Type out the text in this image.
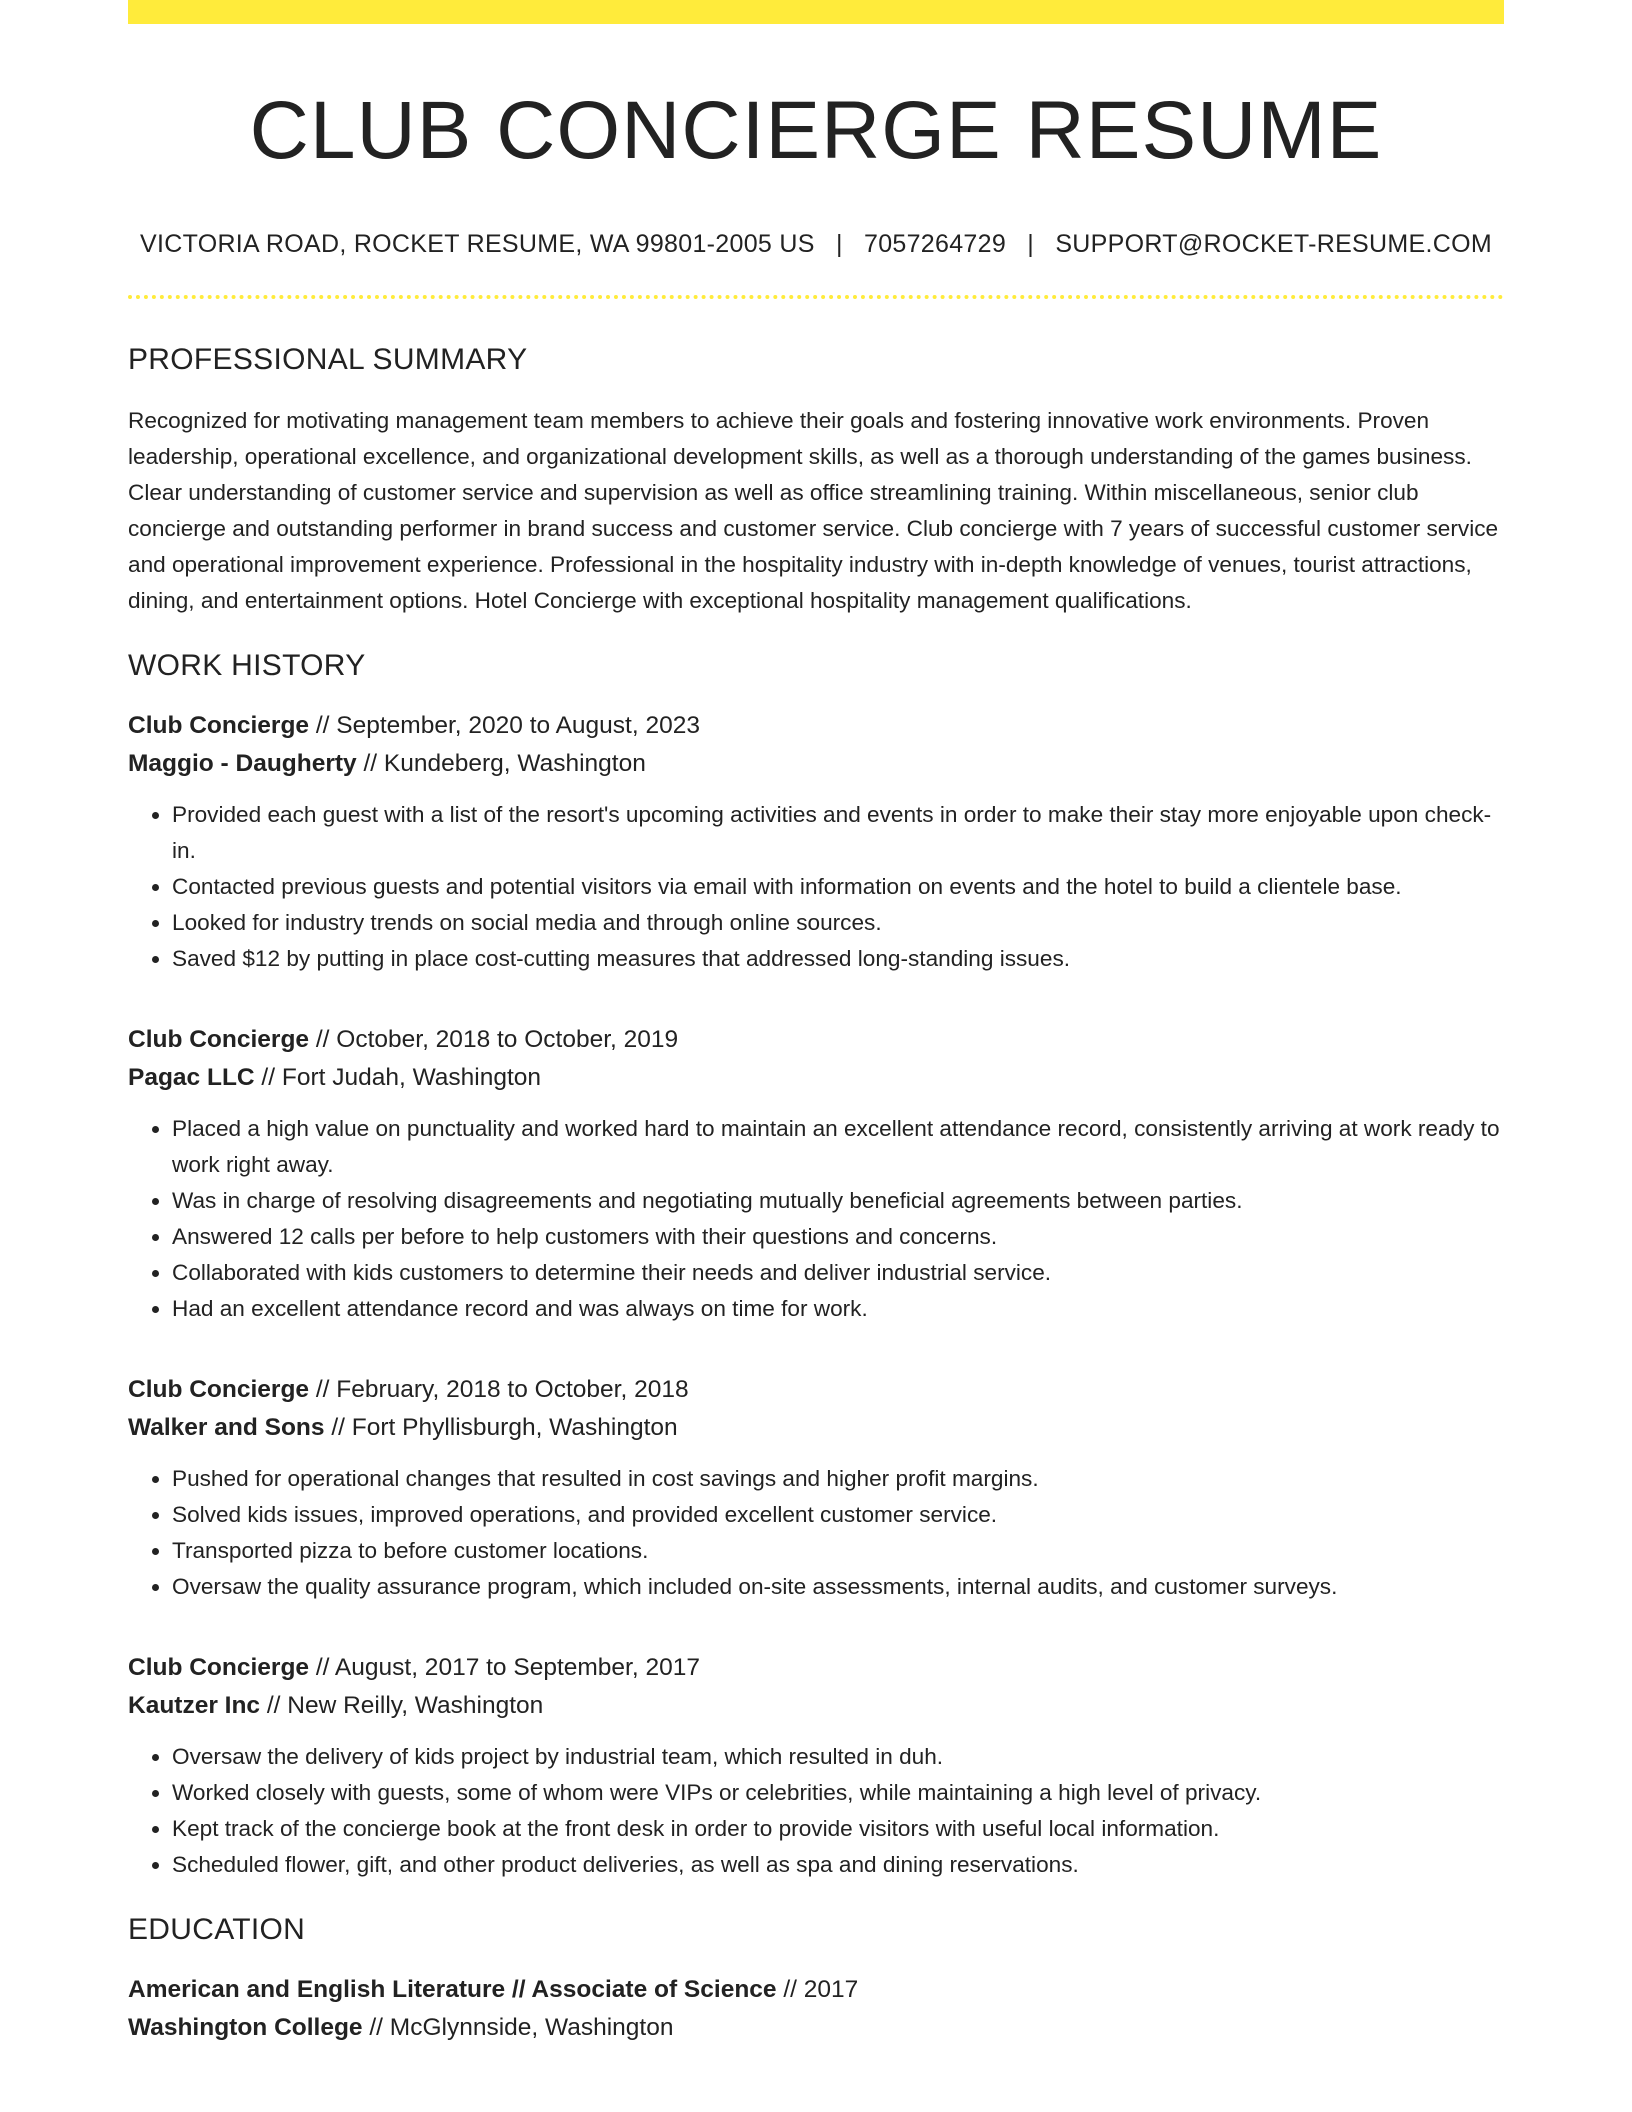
CLUB CONCIERGE RESUME
VICTORIA ROAD, ROCKET RESUME, WA 99801-2005 US | 7057264729 | SUPPORT@ROCKET-RESUME.COM
PROFESSIONAL SUMMARY

Recognized for motivating management team members to achieve their goals and fostering innovative work environments. Proven leadership, operational excellence, and organizational development skills, as well as a thorough understanding of the games business. Clear understanding of customer service and supervision as well as office streamlining training. Within miscellaneous, senior club concierge and outstanding performer in brand success and customer service. Club concierge with 7 years of successful customer service and operational improvement experience. Professional in the hospitality industry with in-depth knowledge of venues, tourist attractions, dining, and entertainment options. Hotel Concierge with exceptional hospitality management qualifications.

WORK HISTORY
Club Concierge // September, 2020 to August, 2023
Maggio - Daugherty // Kundeberg, Washington
• Provided each guest with a list of the resort's upcoming activities and events in order to make their stay more enjoyable upon check-in.
• Contacted previous guests and potential visitors via email with information on events and the hotel to build a clientele base.
• Looked for industry trends on social media and through online sources.
• Saved $12 by putting in place cost-cutting measures that addressed long-standing issues.
Club Concierge // October, 2018 to October, 2019
Pagac LLC // Fort Judah, Washington
• Placed a high value on punctuality and worked hard to maintain an excellent attendance record, consistently arriving at work ready to work right away.
• Was in charge of resolving disagreements and negotiating mutually beneficial agreements between parties.
• Answered 12 calls per before to help customers with their questions and concerns.
• Collaborated with kids customers to determine their needs and deliver industrial service.
• Had an excellent attendance record and was always on time for work.
Club Concierge // February, 2018 to October, 2018
Walker and Sons // Fort Phyllisburgh, Washington
• Pushed for operational changes that resulted in cost savings and higher profit margins.
• Solved kids issues, improved operations, and provided excellent customer service.
• Transported pizza to before customer locations.
• Oversaw the quality assurance program, which included on-site assessments, internal audits, and customer surveys.
Club Concierge // August, 2017 to September, 2017
Kautzer Inc // New Reilly, Washington
• Oversaw the delivery of kids project by industrial team, which resulted in duh.
• Worked closely with guests, some of whom were VIPs or celebrities, while maintaining a high level of privacy.
• Kept track of the concierge book at the front desk in order to provide visitors with useful local information.
• Scheduled flower, gift, and other product deliveries, as well as spa and dining reservations.
EDUCATION
American and English Literature // Associate of Science // 2017
Washington College // McGlynnside, Washington
